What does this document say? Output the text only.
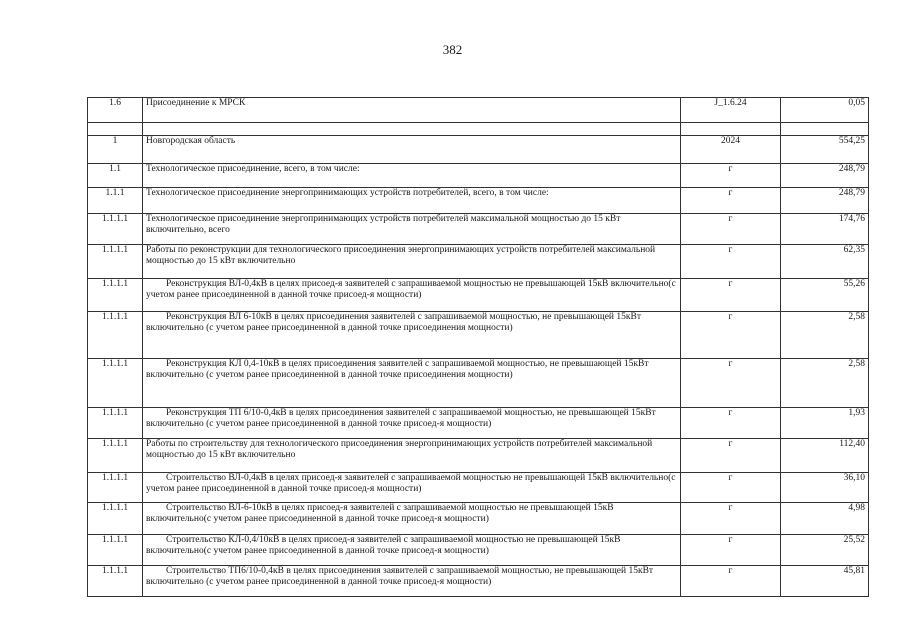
382
1.6	Присоединение к МРСК	J_1.6.24	0,05

1	Новгородская область	2024	554,25
1.1	Технологическое присоединение, всего, в том числе:	г	248,79
1.1.1	Технологическое присоединение энергопринимающих устройств потребителей, всего, в том числе:	г	248,79
1.1.1.1	Технологическое присоединение энергопринимающих устройств потребителей максимальной мощностью до 15 кВт включительно, всего	г	174,76
1.1.1.1	Работы по реконструкции для технологического присоединения энергопринимающих устройств потребителей максимальной мощностью до 15 кВт включительно	г	62,35
1.1.1.1	Реконструкция ВЛ-0,4кВ в целях присоед-я заявителей с запрашиваемой мощностью не превышающей 15кВ включительно(с учетом ранее присоединенной в данной точке присоед-я мощности)	г	55,26
1.1.1.1	Реконструкция ВЛ 6-10кВ в целях присоединения заявителей с запрашиваемой мощностью, не превышающей 15кВт включительно (с учетом ранее присоединенной в данной точке присоединения мощности)	г	2,58
1.1.1.1	Реконструкция КЛ 0,4-10кВ в целях присоединения заявителей с запрашиваемой мощностью, не превышающей 15кВт включительно (с учетом ранее присоединенной в данной точке присоединения мощности)	г	2,58
1.1.1.1	Реконструкция ТП 6/10-0,4кВ в целях присоединения заявителей с запрашиваемой мощностью, не превышающей 15кВт включительно (с учетом ранее присоединенной в данной точке присоед-я мощности)	г	1,93
1.1.1.1	Работы по строительству для технологического присоединения энергопринимающих устройств потребителей максимальной мощностью до 15 кВт включительно	г	112,40
1.1.1.1	Строительство ВЛ-0,4кВ в целях присоед-я заявителей с запрашиваемой мощностью не превышающей 15кВ включительно(с учетом ранее присоединенной в данной точке присоед-я мощности)	г	36,10
1.1.1.1	Строительство ВЛ-6-10кВ в целях присоед-я заявителей с запрашиваемой мощностью не превышающей 15кВ включительно(с учетом ранее присоединенной в данной точке присоед-я мощности)	г	4,98
1.1.1.1	Строительство КЛ-0,4/10кВ в целях присоед-я заявителей с запрашиваемой мощностью не превышающей 15кВ включительно(с учетом ранее присоединенной в данной точке присоед-я мощности)	г	25,52
1.1.1.1	Строительство ТП6/10-0,4кВ в целях присоединения заявителей с запрашиваемой мощностью, не превышающей 15кВт включительно (с учетом ранее присоединенной в данной точке присоед-я мощности)	г	45,81
